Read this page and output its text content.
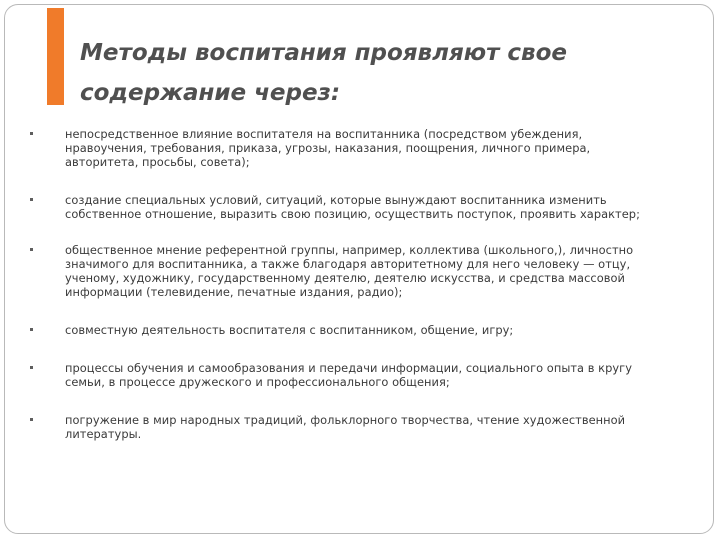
Методы воспитания проявляют свое содержание через:
непосредственное влияние воспитателя на воспитанника (посредством убеждения, нравоучения, требования, приказа, угрозы, наказания, поощрения, личного примера, авторитета, просьбы, совета);
создание специальных условий, ситуаций, которые вынуждают воспитанника изменить собственное отношение, выразить свою позицию, осуществить поступок, проявить характер;
общественное мнение референтной группы, например, коллектива (школьного,), личностно значимого для воспитанника, а также благодаря авторитетному для него человеку — отцу, ученому, художнику, государственному деятелю, деятелю искусства, и средства массовой информации (телевидение, печатные издания, радио);
совместную деятельность воспитателя с воспитанником, общение, игру;
процессы обучения и самообразования и передачи информации, социального опыта в кругу семьи, в процессе дружеского и профессионального общения;
погружение в мир народных традиций, фольклорного творчества, чтение художественной литературы.
